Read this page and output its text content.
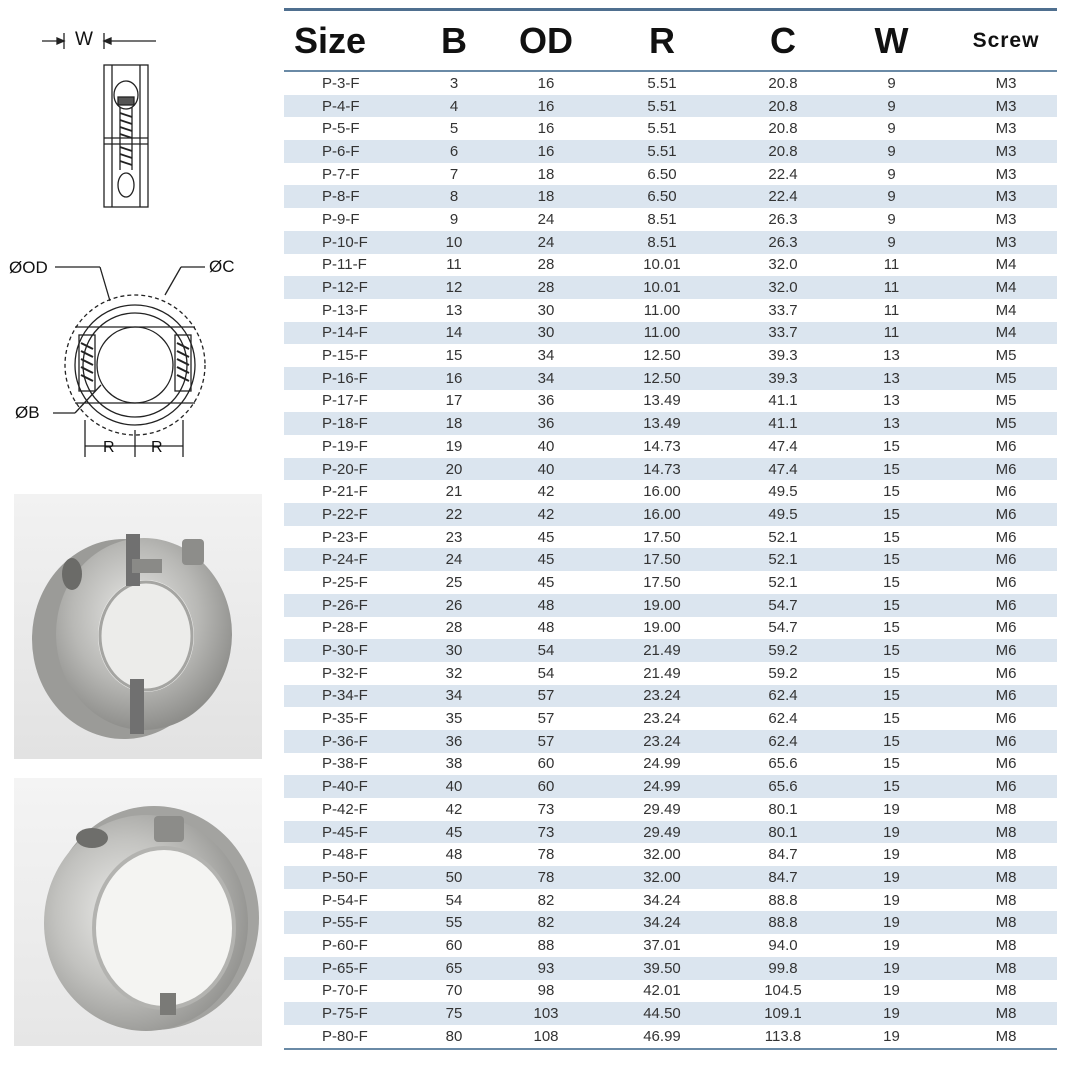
W
ØOD	ØC
ØB
R R
Size	B	OD	R	C	W	Screw
P-3-F	3	16	5.51	20.8	9	M3
P-4-F	4	16	5.51	20.8	9	M3
P-5-F	5	16	5.51	20.8	9	M3
P-6-F	6	16	5.51	20.8	9	M3
P-7-F	7	18	6.50	22.4	9	M3
P-8-F	8	18	6.50	22.4	9	M3
P-9-F	9	24	8.51	26.3	9	M3
P-10-F	10	24	8.51	26.3	9	M3
P-11-F	11	28	10.01	32.0	11	M4
P-12-F	12	28	10.01	32.0	11	M4
P-13-F	13	30	11.00	33.7	11	M4
P-14-F	14	30	11.00	33.7	11	M4
P-15-F	15	34	12.50	39.3	13	M5
P-16-F	16	34	12.50	39.3	13	M5
P-17-F	17	36	13.49	41.1	13	M5
P-18-F	18	36	13.49	41.1	13	M5
P-19-F	19	40	14.73	47.4	15	M6
P-20-F	20	40	14.73	47.4	15	M6
P-21-F	21	42	16.00	49.5	15	M6
P-22-F	22	42	16.00	49.5	15	M6
P-23-F	23	45	17.50	52.1	15	M6
P-24-F	24	45	17.50	52.1	15	M6
P-25-F	25	45	17.50	52.1	15	M6
P-26-F	26	48	19.00	54.7	15	M6
P-28-F	28	48	19.00	54.7	15	M6
P-30-F	30	54	21.49	59.2	15	M6
P-32-F	32	54	21.49	59.2	15	M6
P-34-F	34	57	23.24	62.4	15	M6
P-35-F	35	57	23.24	62.4	15	M6
P-36-F	36	57	23.24	62.4	15	M6
P-38-F	38	60	24.99	65.6	15	M6
P-40-F	40	60	24.99	65.6	15	M6
P-42-F	42	73	29.49	80.1	19	M8
P-45-F	45	73	29.49	80.1	19	M8
P-48-F	48	78	32.00	84.7	19	M8
P-50-F	50	78	32.00	84.7	19	M8
P-54-F	54	82	34.24	88.8	19	M8
P-55-F	55	82	34.24	88.8	19	M8
P-60-F	60	88	37.01	94.0	19	M8
P-65-F	65	93	39.50	99.8	19	M8
P-70-F	70	98	42.01	104.5	19	M8
P-75-F	75	103	44.50	109.1	19	M8
P-80-F	80	108	46.99	113.8	19	M8
